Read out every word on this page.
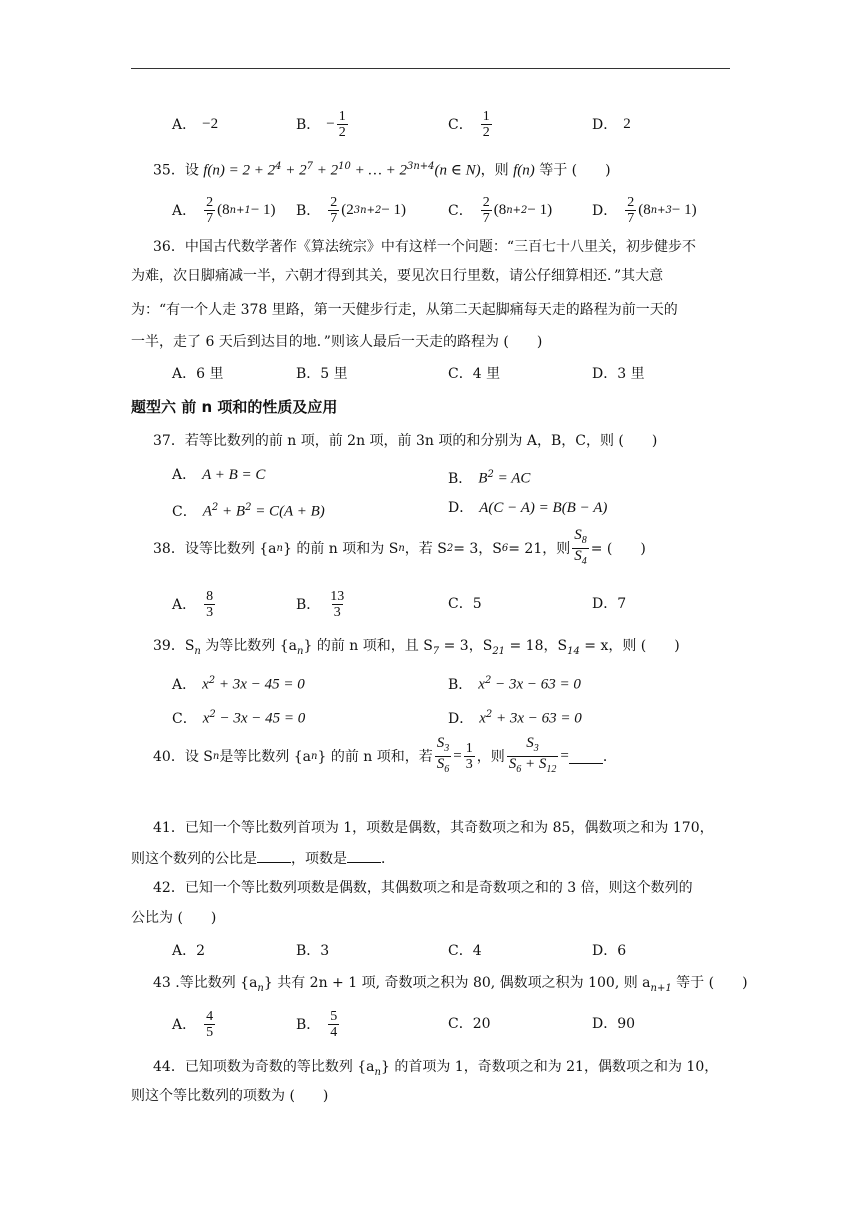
A． −2	B． − $\frac{1}{2}$	C． $\frac{1}{2}$	D． 2
35．设 $f(n) = 2 + 2^4 + 2^7 + 2^{10}$ + … + $2^{3n+4}(n$ ∈ N)，则 f(n) 等于 (　　)
A． $\frac{2}{7} (8$ n+1 − 1) B． $\frac{2}{7} (2$ 3n+2 − 1)	C． $\frac{2}{7} (8$ n+2 − 1)	D． $\frac{2}{7} (8$ n+3 − 1)
36．中国古代数学著作《算法统宗》中有这样一个问题：“三百七十八里关，初步健步不
为难，次日脚痛减一半，六朝才得到其关，要见次日行里数，请公仔细算相还．”其大意
为：“有一个人走 378 里路，第一天健步行走，从第二天起脚痛每天走的路程为前一天的
一半，走了 6 天后到达目的地．”则该人最后一天走的路程为 (　　)
A．6 里	B．5 里	C．4 里	D．3 里
题型六 前 n 项和的性质及应用
37．若等比数列的前 n 项，前 2n 项，前 3n 项的和分别为 A，B，C，则 (　　)
A． A + B = C	B． $B^2$ = AC
C． $A^2 + B^2 = C(A + B)$	D． A(C − A) = B(B − A)
38．设等比数列 {a n } 的前 n 项和为 S n ，若 S 2 = 3，S 6 = 21，则 $\frac{S_8}{S_4}$ = (　　)
A． $\frac{8}{3}$	B． $\frac{13}{3}$	C．5	D．7
39．$S_n$ 为等比数列 $\{a_n\}$ 的前 n 项和，且 $S_7 = 3$，$S_{21} = 18$，$S_{14} = x$，则 (　　)
A． $x^2 + 3x - 45 = 0$	B． $x^2 - 3x - 63 = 0$
C． $x^2 - 3x - 45 = 0$	D． $x^2 + 3x - 63 = 0$
40．设 S n 是等比数列 {a n } 的前 n 项和，若 $\frac{S_3}{S_6} = \frac{1}{3}$ ，则 $\frac{S_3}{S_6 + S_{12}}$ = ．
41．已知一个等比数列首项为 1，项数是偶数，其奇数项之和为 85，偶数项之和为 170，
则这个数列的公比是 ，项数是 ．
42．已知一个等比数列项数是偶数，其偶数项之和是奇数项之和的 3 倍，则这个数列的
公比为 (　　)
A．2	B．3	C．4	D．6
43 .等比数列 $\{a_n\}$ 共有 2n + 1 项, 奇数项之积为 80, 偶数项之积为 100, 则 $a_{n+1}$ 等于 (　　)
A． $\frac{4}{5}$	B． $\frac{5}{4}$	C．20	D．90
44．已知项数为奇数的等比数列 $\{a_n\}$ 的首项为 1，奇数项之和为 21，偶数项之和为 10，
则这个等比数列的项数为 (　　)
